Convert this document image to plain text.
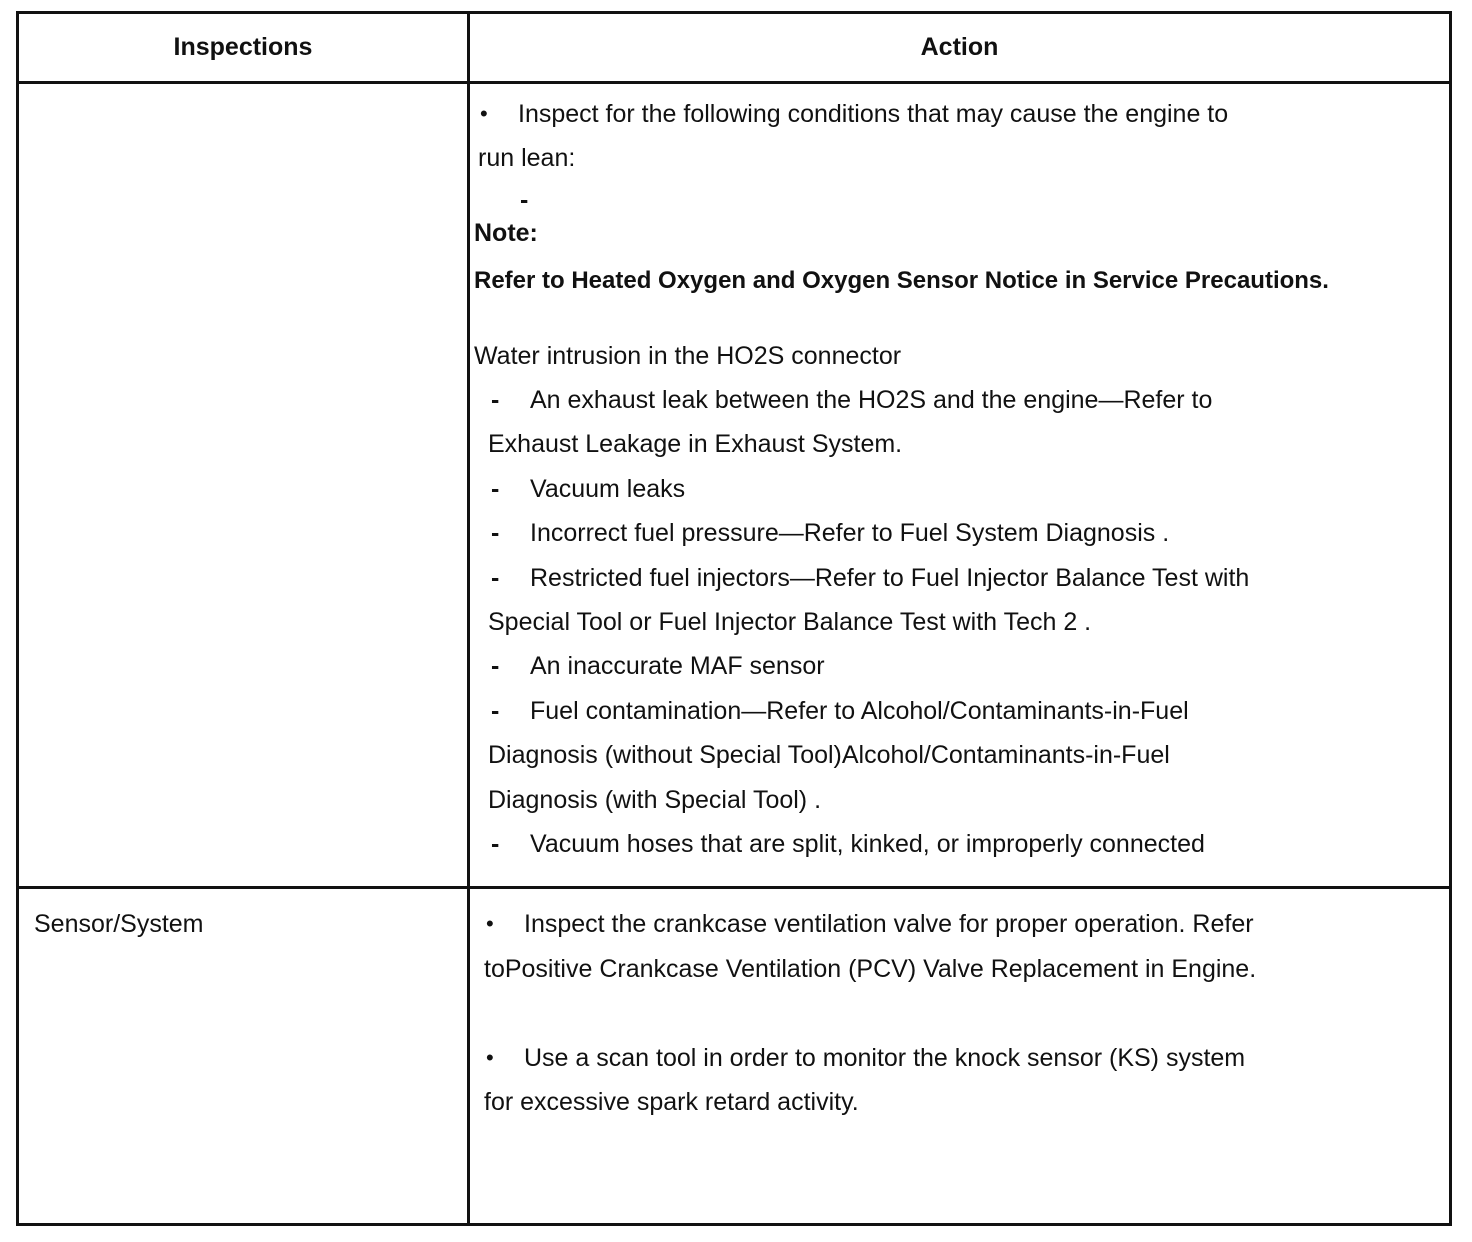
Inspections	Action
• Inspect for the following conditions that may cause the engine to
run lean:
-
Note:
Refer to Heated Oxygen and Oxygen Sensor Notice in Service Precautions.
Water intrusion in the HO2S connector
- An exhaust leak between the HO2S and the engine—Refer to
Exhaust Leakage in Exhaust System.
- Vacuum leaks
- Incorrect fuel pressure—Refer to Fuel System Diagnosis .
- Restricted fuel injectors—Refer to Fuel Injector Balance Test with
Special Tool or Fuel Injector Balance Test with Tech 2 .
- An inaccurate MAF sensor
- Fuel contamination—Refer to Alcohol/Contaminants-in-Fuel
Diagnosis (without Special Tool)Alcohol/Contaminants-in-Fuel
Diagnosis (with Special Tool) .
- Vacuum hoses that are split, kinked, or improperly connected
Sensor/System	• Inspect the crankcase ventilation valve for proper operation. Refer
toPositive Crankcase Ventilation (PCV) Valve Replacement in Engine.
• Use a scan tool in order to monitor the knock sensor (KS) system
for excessive spark retard activity.
